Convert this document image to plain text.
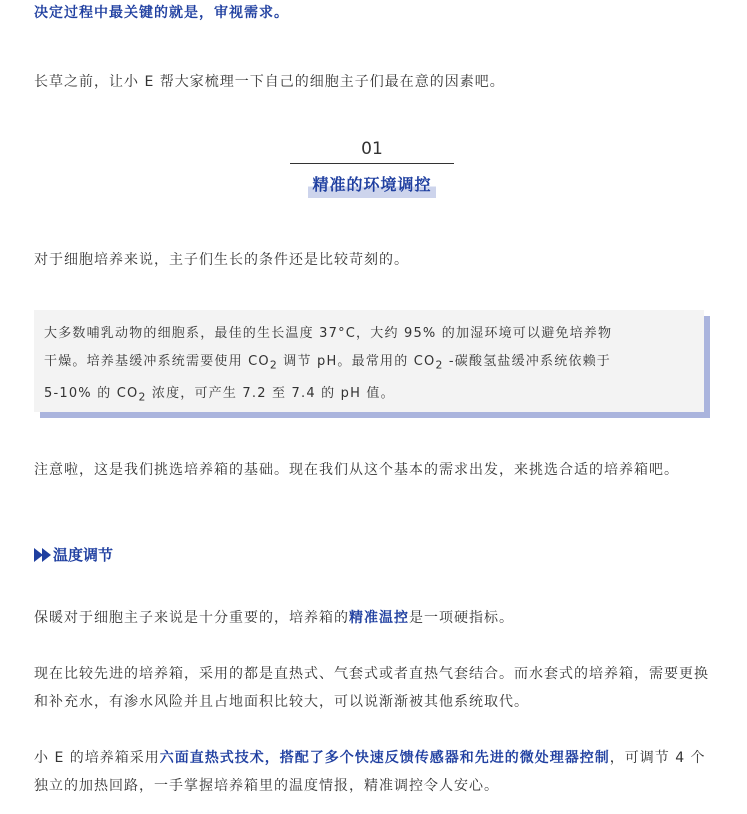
决定过程中最关键的就是，审视需求。

长草之前，让小 E 帮大家梳理一下自己的细胞主子们最在意的因素吧。

01
精准的环境调控

对于细胞培养来说，主子们生长的条件还是比较苛刻的。

大多数哺乳动物的细胞系，最佳的生长温度 37°C，大约 95% 的加湿环境可以避免培养物
干燥。培养基缓冲系统需要使用 $CO_2$ 调节 pH。最常用的 $CO_2$ -碳酸氢盐缓冲系统依赖于
5-10% 的 $CO_2$ 浓度，可产生 7.2 至 7.4 的 pH 值。

注意啦，这是我们挑选培养箱的基础。现在我们从这个基本的需求出发，来挑选合适的培养箱吧。

温度调节

保暖对于细胞主子来说是十分重要的，培养箱的精准温控是一项硬指标。

现在比较先进的培养箱，采用的都是直热式、气套式或者直热气套结合。而水套式的培养箱，需要更换和补充水，有渗水风险并且占地面积比较大，可以说渐渐被其他系统取代。

小 E 的培养箱采用六面直热式技术，搭配了多个快速反馈传感器和先进的微处理器控制，可调节 4 个独立的加热回路，一手掌握培养箱里的温度情报，精准调控令人安心。
